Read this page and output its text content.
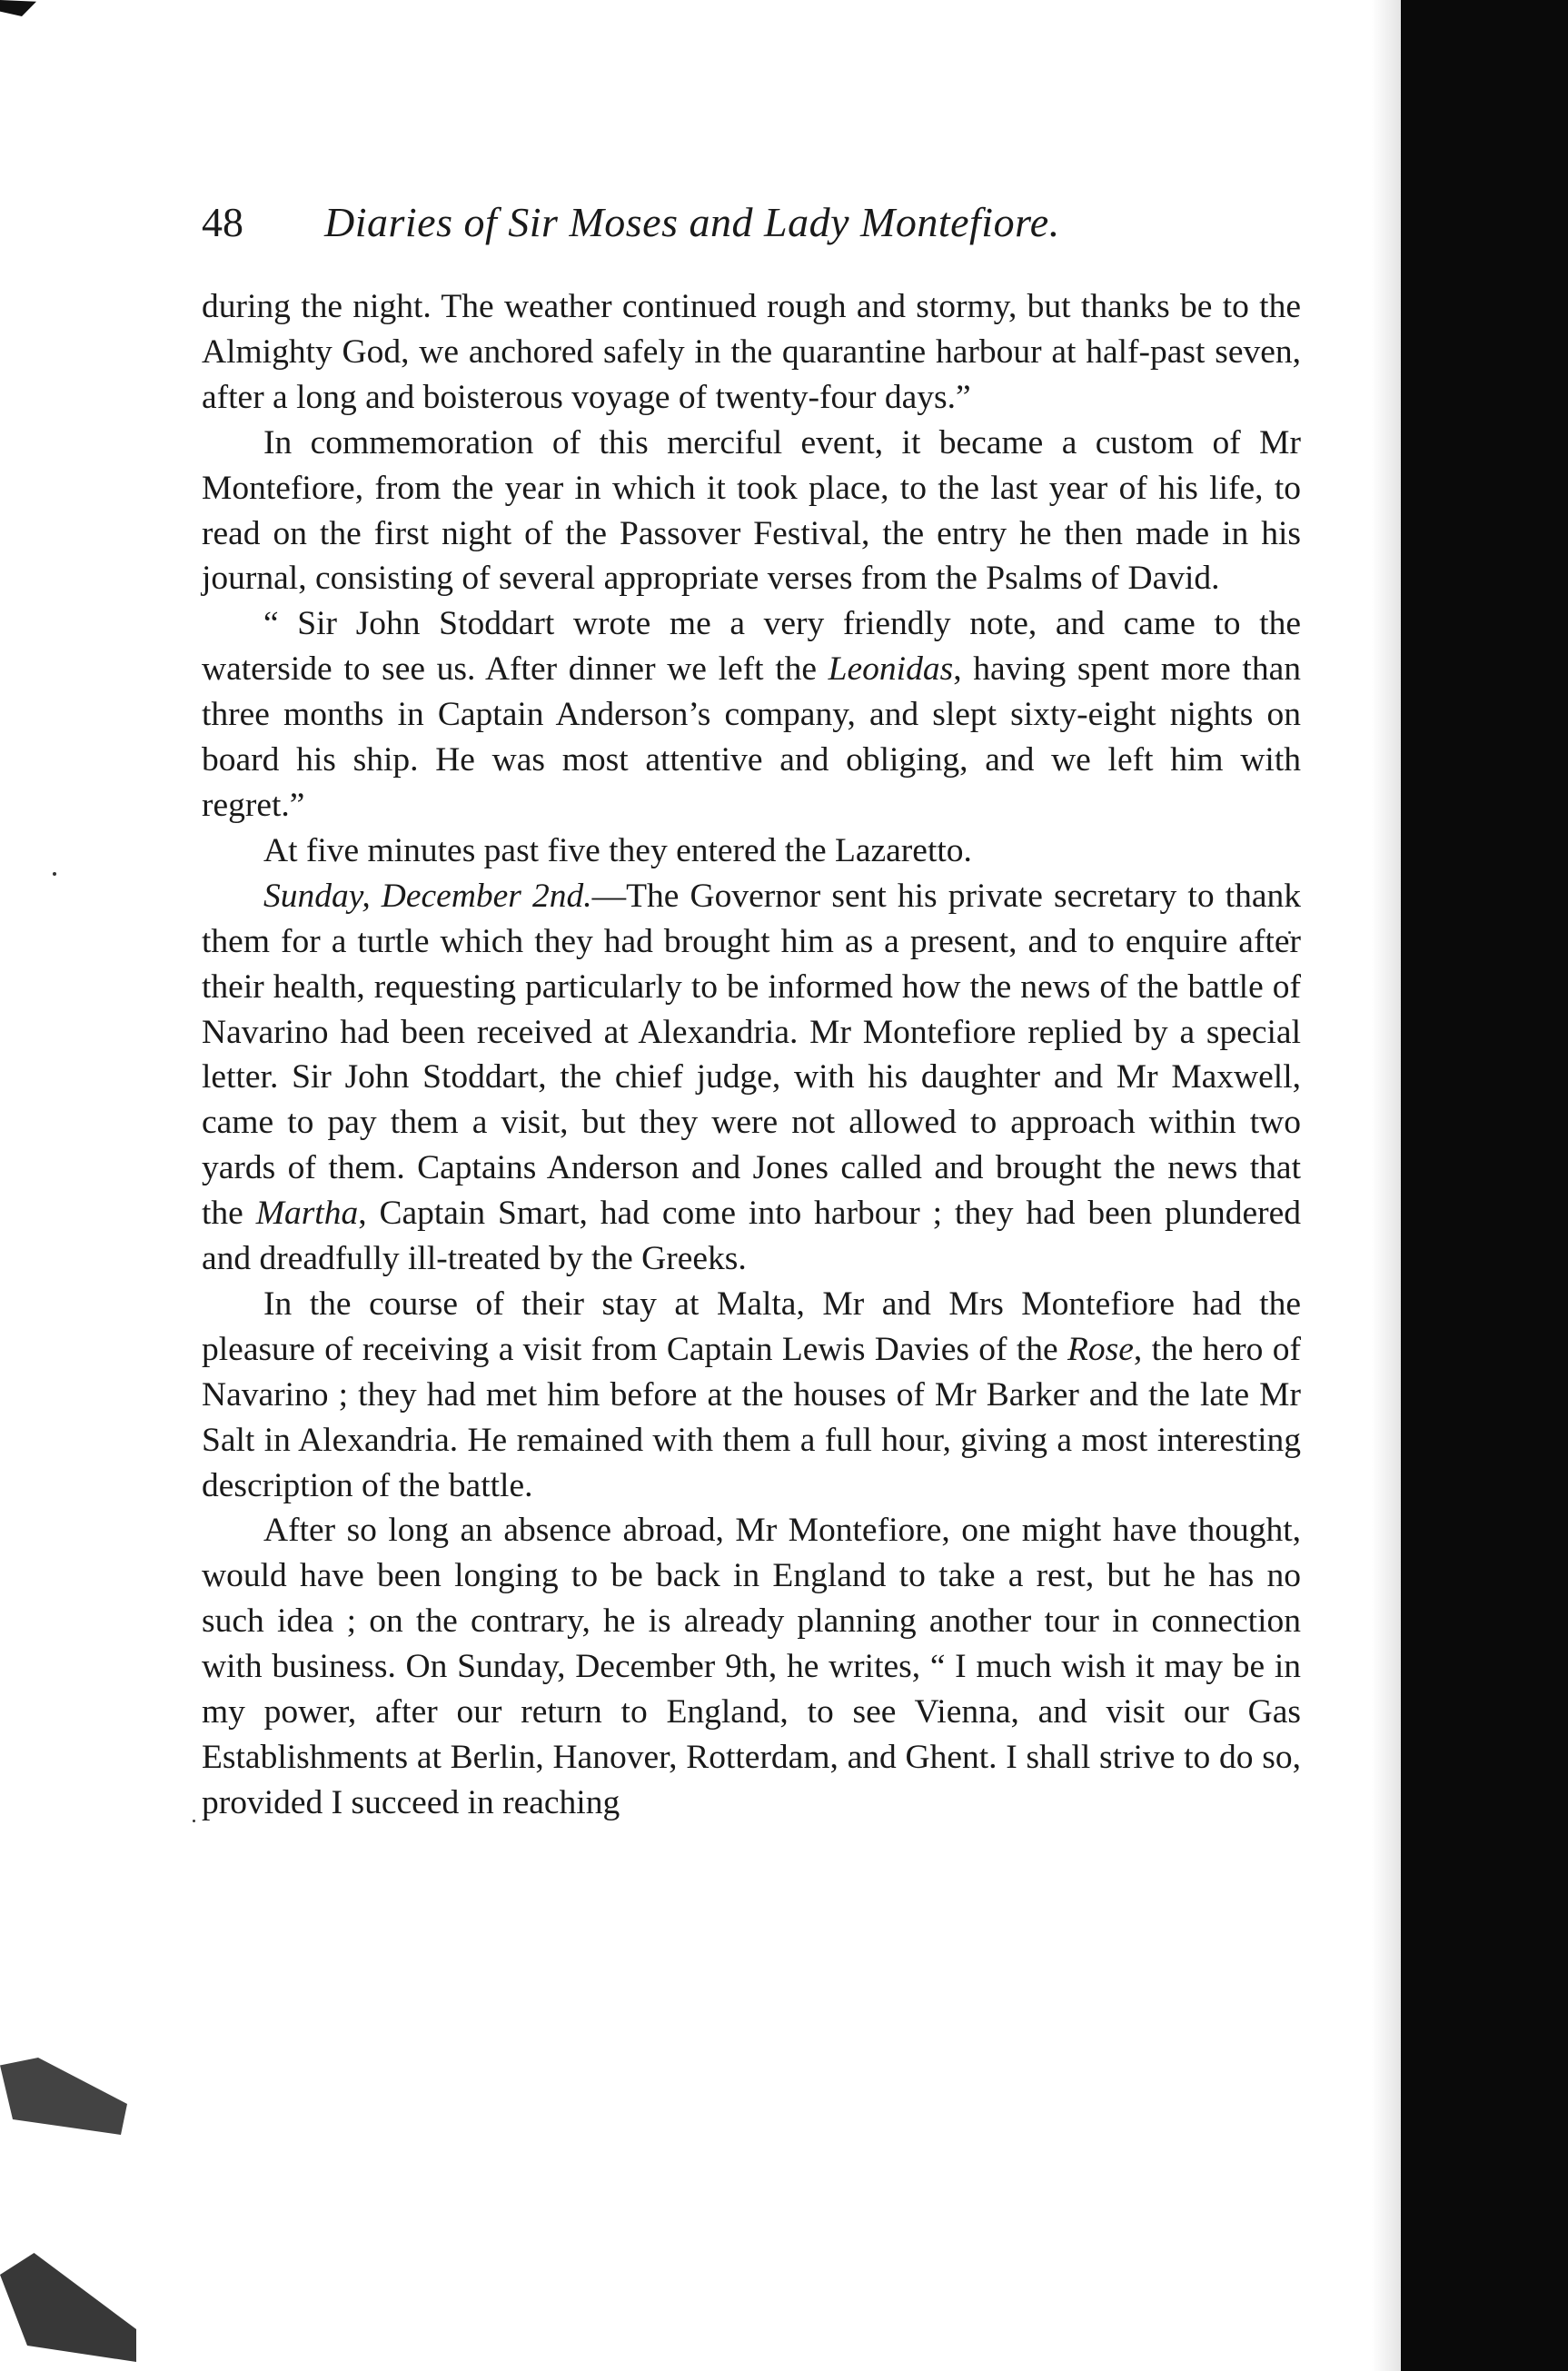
48 Diaries of Sir Moses and Lady Montefiore.

during the night. The weather continued rough and stormy, but thanks be to the Almighty God, we anchored safely in the quarantine harbour at half-past seven, after a long and boisterous voyage of twenty-four days.”

In commemoration of this merciful event, it became a custom of Mr Montefiore, from the year in which it took place, to the last year of his life, to read on the first night of the Passover Festival, the entry he then made in his journal, consisting of several appropriate verses from the Psalms of David.

“ Sir John Stoddart wrote me a very friendly note, and came to the waterside to see us. After dinner we left the Leonidas, having spent more than three months in Captain Anderson’s company, and slept sixty-eight nights on board his ship. He was most attentive and obliging, and we left him with regret.”

At five minutes past five they entered the Lazaretto.

Sunday, December 2nd.—The Governor sent his private secretary to thank them for a turtle which they had brought him as a present, and to enquire after their health, requesting particularly to be informed how the news of the battle of Navarino had been received at Alexandria. Mr Montefiore replied by a special letter. Sir John Stoddart, the chief judge, with his daughter and Mr Maxwell, came to pay them a visit, but they were not allowed to approach within two yards of them. Captains Anderson and Jones called and brought the news that the Martha, Captain Smart, had come into harbour ; they had been plundered and dreadfully ill-treated by the Greeks.

In the course of their stay at Malta, Mr and Mrs Montefiore had the pleasure of receiving a visit from Captain Lewis Davies of the Rose, the hero of Navarino ; they had met him before at the houses of Mr Barker and the late Mr Salt in Alexandria. He remained with them a full hour, giving a most interesting description of the battle.

After so long an absence abroad, Mr Montefiore, one might have thought, would have been longing to be back in England to take a rest, but he has no such idea ; on the contrary, he is already planning another tour in connection with business. On Sunday, December 9th, he writes, “ I much wish it may be in my power, after our return to England, to see Vienna, and visit our Gas Establishments at Berlin, Hanover, Rotterdam, and Ghent. I shall strive to do so, provided I succeed in reaching
